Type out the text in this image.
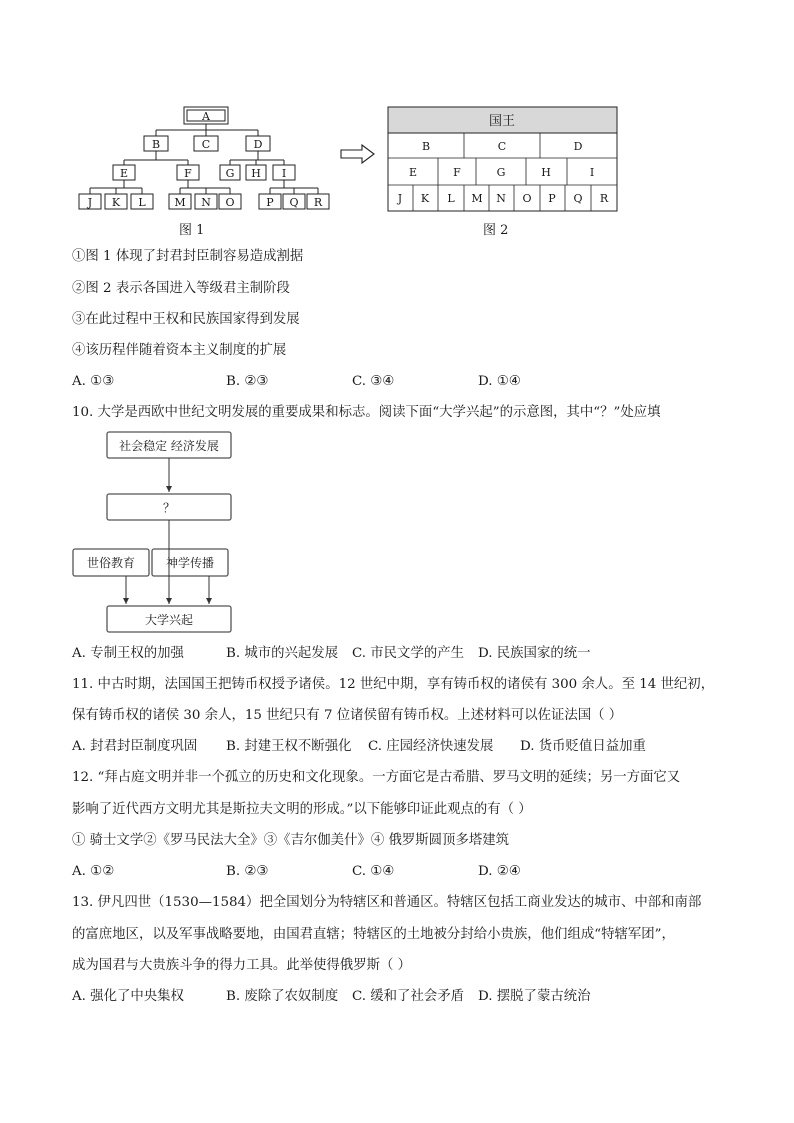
A
B	C	D
E	F	G H I
J K L	M N O	P Q R
图 1
国王
B	C	D
E	F	G	H	I
J K L M N O P Q R
图 2
①图 1 体现了封君封臣制容易造成割据
②图 2 表示各国进入等级君主制阶段
③在此过程中王权和民族国家得到发展
④该历程伴随着资本主义制度的扩展
A. ①③	B. ②③	C. ③④	D. ①④
10. 大学是西欧中世纪文明发展的重要成果和标志。阅读下面“大学兴起”的示意图，其中“？”处应填
社会稳定 经济发展
？
世俗教育	神学传播
大学兴起
A. 专制王权的加强	B. 城市的兴起发展 C. 市民文学的产生 D. 民族国家的统一
11. 中古时期，法国国王把铸币权授予诸侯。12 世纪中期，享有铸币权的诸侯有 300 余人。至 14 世纪初，
保有铸币权的诸侯 30 余人，15 世纪只有 7 位诸侯留有铸币权。上述材料可以佐证法国（ ）
A. 封君封臣制度巩固 B. 封建王权不断强化 C. 庄园经济快速发展 D. 货币贬值日益加重
12. “拜占庭文明并非一个孤立的历史和文化现象。一方面它是古希腊、罗马文明的延续；另一方面它又
影响了近代西方文明尤其是斯拉夫文明的形成。”以下能够印证此观点的有（ ）
① 骑士文学②《罗马民法大全》③《吉尔伽美什》④ 俄罗斯圆顶多塔建筑
A. ①②	B. ②③	C. ①④	D. ②④
13. 伊凡四世（1530—1584）把全国划分为特辖区和普通区。特辖区包括工商业发达的城市、中部和南部
的富庶地区，以及军事战略要地，由国君直辖；特辖区的土地被分封给小贵族，他们组成“特辖军团”，
成为国君与大贵族斗争的得力工具。此举使得俄罗斯（ ）
A. 强化了中央集权	B. 废除了农奴制度 C. 缓和了社会矛盾 D. 摆脱了蒙古统治
